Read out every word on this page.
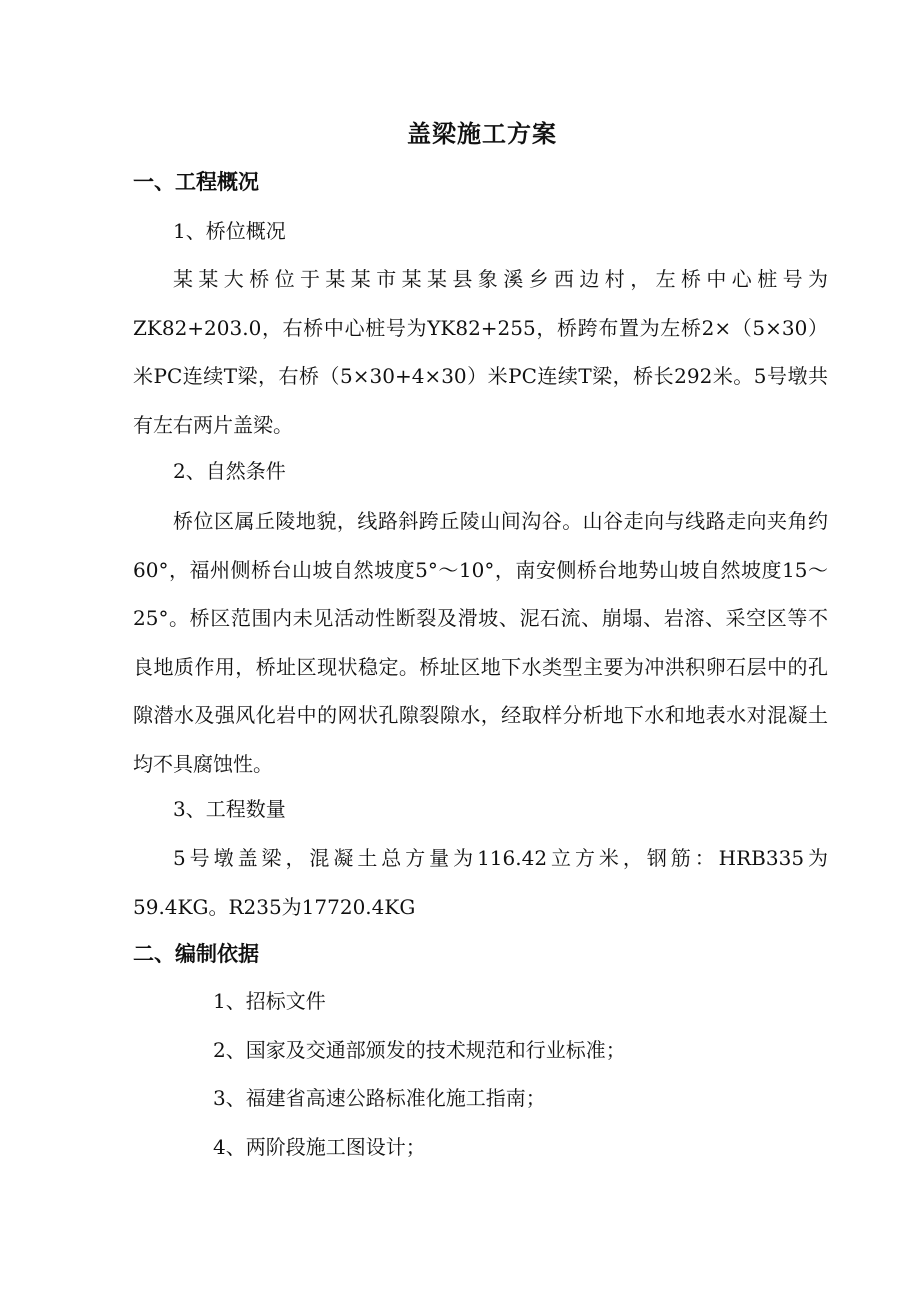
盖梁施工方案
一、工程概况
1、桥位概况
某某大桥位于某某市某某县象溪乡西边村，左桥中心桩号为ZK82+203.0，右桥中心桩号为YK82+255，桥跨布置为左桥2×（5×30）米PC连续T梁，右桥（5×30+4×30）米PC连续T梁，桥长292米。5号墩共有左右两片盖梁。
2、自然条件
桥位区属丘陵地貌，线路斜跨丘陵山间沟谷。山谷走向与线路走向夹角约60°，福州侧桥台山坡自然坡度5°～10°，南安侧桥台地势山坡自然坡度15～25°。桥区范围内未见活动性断裂及滑坡、泥石流、崩塌、岩溶、采空区等不良地质作用，桥址区现状稳定。桥址区地下水类型主要为冲洪积卵石层中的孔隙潜水及强风化岩中的网状孔隙裂隙水，经取样分析地下水和地表水对混凝土均不具腐蚀性。
3、工程数量
5号墩盖梁，混凝土总方量为116.42立方米，钢筋：HRB335为59.4KG。R235为17720.4KG
二、编制依据
1、招标文件
2、国家及交通部颁发的技术规范和行业标准；
3、福建省高速公路标准化施工指南；
4、两阶段施工图设计；
